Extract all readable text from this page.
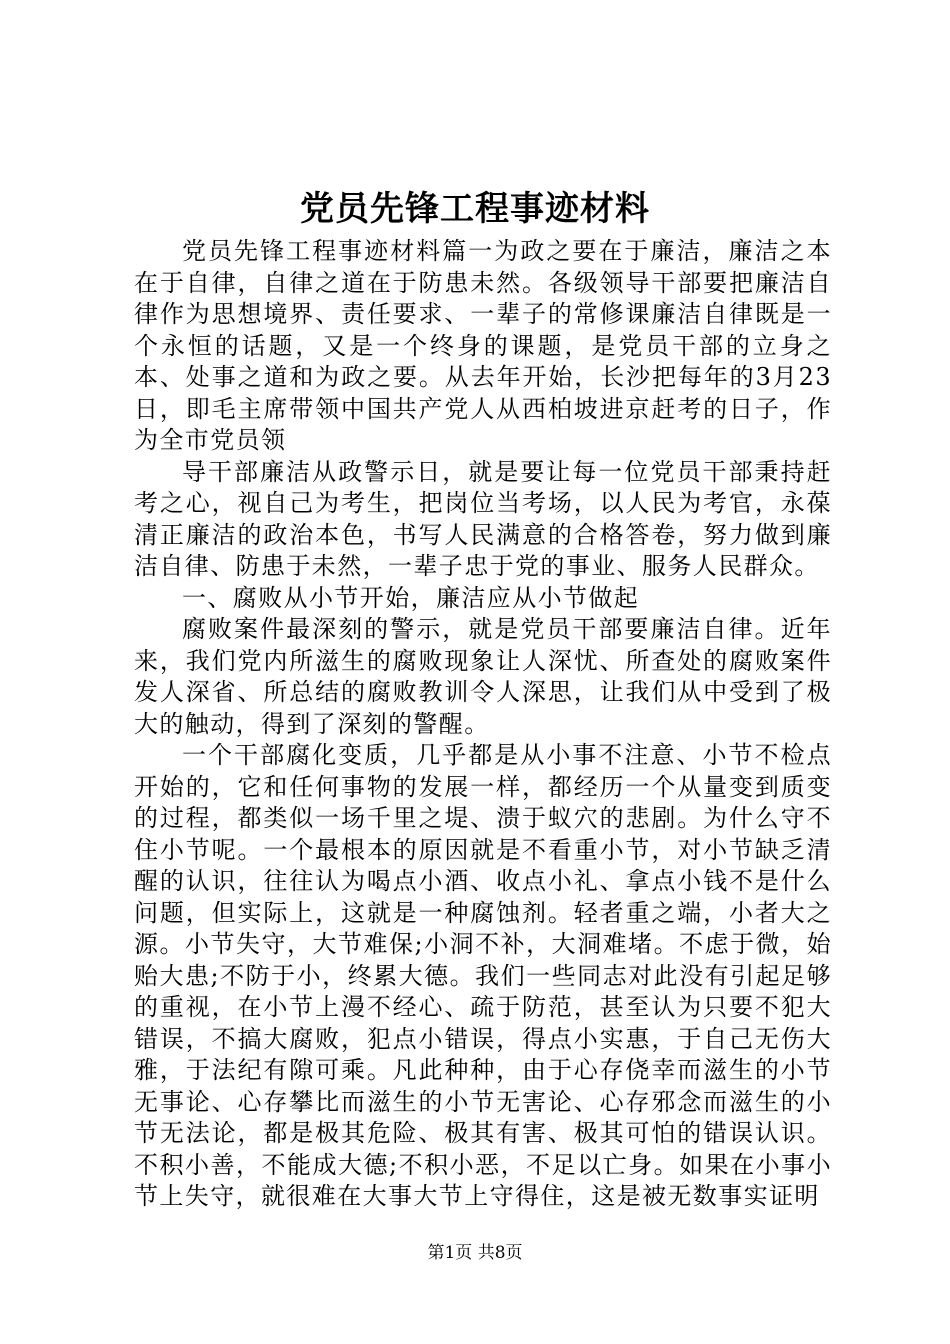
党员先锋工程事迹材料

党员先锋工程事迹材料篇一为政之要在于廉洁，廉洁之本在于自律，自律之道在于防患未然。各级领导干部要把廉洁自律作为思想境界、责任要求、一辈子的常修课廉洁自律既是一个永恒的话题，又是一个终身的课题，是党员干部的立身之本、处事之道和为政之要。从去年开始，长沙把每年的3月23日，即毛主席带领中国共产党人从西柏坡进京赶考的日子，作为全市党员领

导干部廉洁从政警示日，就是要让每一位党员干部秉持赶考之心，视自己为考生，把岗位当考场，以人民为考官，永葆清正廉洁的政治本色，书写人民满意的合格答卷，努力做到廉洁自律、防患于未然，一辈子忠于党的事业、服务人民群众。

一、腐败从小节开始，廉洁应从小节做起

腐败案件最深刻的警示，就是党员干部要廉洁自律。近年来，我们党内所滋生的腐败现象让人深忧、所查处的腐败案件发人深省、所总结的腐败教训令人深思，让我们从中受到了极大的触动，得到了深刻的警醒。

一个干部腐化变质，几乎都是从小事不注意、小节不检点开始的，它和任何事物的发展一样，都经历一个从量变到质变的过程，都类似一场千里之堤、溃于蚁穴的悲剧。为什么守不住小节呢。一个最根本的原因就是不看重小节，对小节缺乏清醒的认识，往往认为喝点小酒、收点小礼、拿点小钱不是什么问题，但实际上，这就是一种腐蚀剂。轻者重之端，小者大之源。小节失守，大节难保;小洞不补，大洞难堵。不虑于微，始贻大患;不防于小，终累大德。我们一些同志对此没有引起足够的重视，在小节上漫不经心、疏于防范，甚至认为只要不犯大错误，不搞大腐败，犯点小错误，得点小实惠，于自己无伤大雅，于法纪有隙可乘。凡此种种，由于心存侥幸而滋生的小节无事论、心存攀比而滋生的小节无害论、心存邪念而滋生的小节无法论，都是极其危险、极其有害、极其可怕的错误认识。不积小善，不能成大德;不积小恶，不足以亡身。如果在小事小节上失守，就很难在大事大节上守得住，这是被无数事实证明

第1页 共8页
